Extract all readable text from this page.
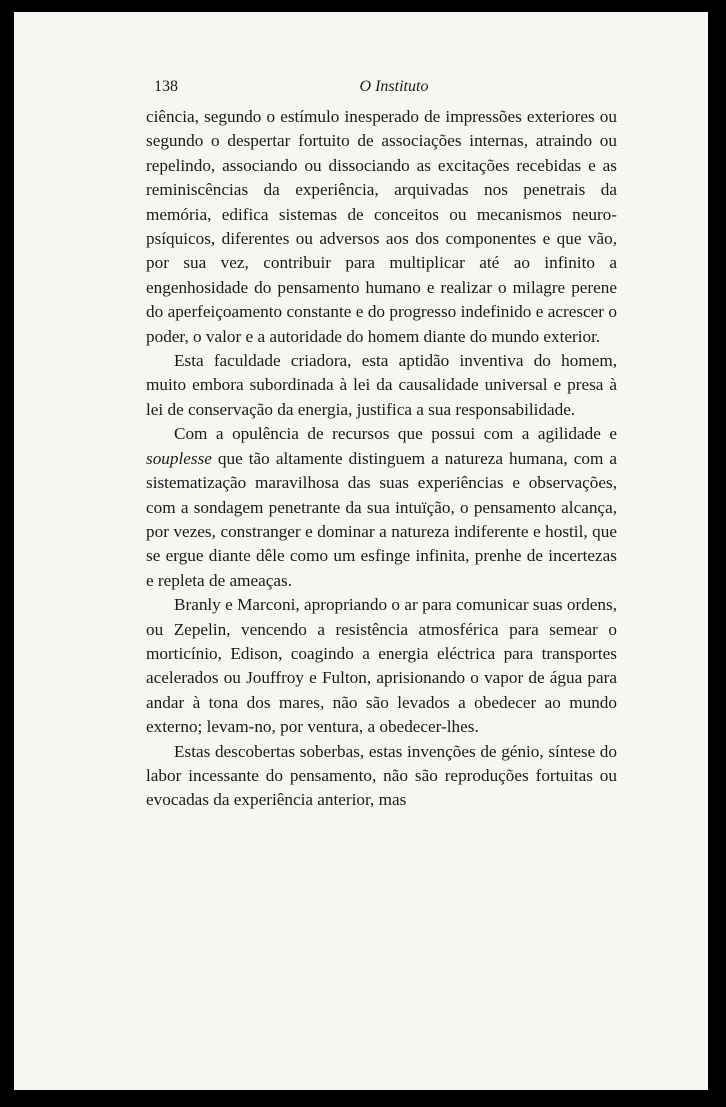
138	O Instituto

ciência, segundo o estímulo inesperado de impressões exteriores ou segundo o despertar fortuito de associações internas, atraindo ou repelindo, associando ou dissociando as excitações recebidas e as reminiscências da experiência, arquivadas nos penetrais da memória, edifica sistemas de conceitos ou mecanismos neuro-psíquicos, diferentes ou adversos aos dos componentes e que vão, por sua vez, contribuir para multiplicar até ao infinito a engenhosidade do pensamento humano e realizar o milagre perene do aperfeiçoamento constante e do progresso indefinido e acrescer o poder, o valor e a autoridade do homem diante do mundo exterior.

Esta faculdade criadora, esta aptidão inventiva do homem, muito embora subordinada à lei da causalidade universal e presa à lei de conservação da energia, justifica a sua responsabilidade.

Com a opulência de recursos que possui com a agilidade e souplesse que tão altamente distinguem a natureza humana, com a sistematização maravilhosa das suas experiências e observações, com a sondagem penetrante da sua intuïção, o pensamento alcança, por vezes, constranger e dominar a natureza indiferente e hostil, que se ergue diante dêle como um esfinge infinita, prenhe de incertezas e repleta de ameaças.

Branly e Marconi, apropriando o ar para comunicar suas ordens, ou Zepelin, vencendo a resistência atmosférica para semear o morticínio, Edison, coagindo a energia eléctrica para transportes acelerados ou Jouffroy e Fulton, aprisionando o vapor de água para andar à tona dos mares, não são levados a obedecer ao mundo externo; levam-no, por ventura, a obedecer-lhes.

Estas descobertas soberbas, estas invenções de génio, síntese do labor incessante do pensamento, não são reproduções fortuitas ou evocadas da experiência anterior, mas
